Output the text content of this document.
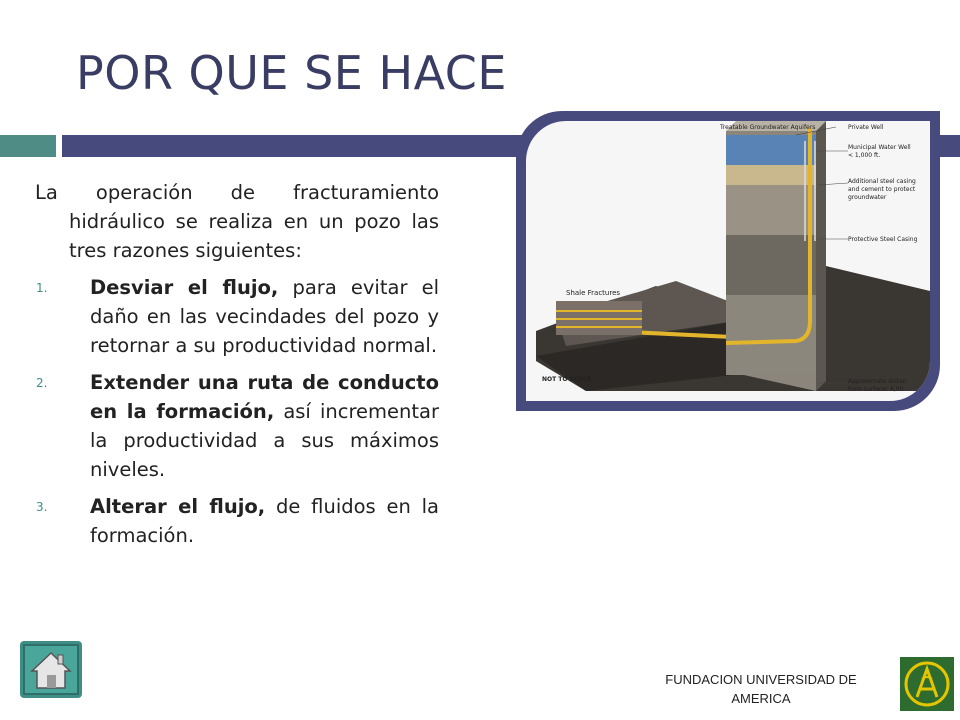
POR QUE SE HACE

La operación de fracturamiento hidráulico se realiza en un pozo las tres razones siguientes:

1. Desviar el flujo, para evitar el daño en las vecindades del pozo y retornar a su productividad normal.
2. Extender una ruta de conducto en la formación, así incrementar la productividad a sus máximos niveles.
3. Alterar el flujo, de fluidos en la formación.
Shale Fractures
Treatable Groundwater Aquifers	Private Well
Municipal Water Well
< 1,000 ft.
Additional steel casing
and cement to protect
groundwater
Protective Steel Casing
Approximate distan
from surface: 8,00
NOT TO SCALE
FUNDACION UNIVERSIDAD DE AMERICA
